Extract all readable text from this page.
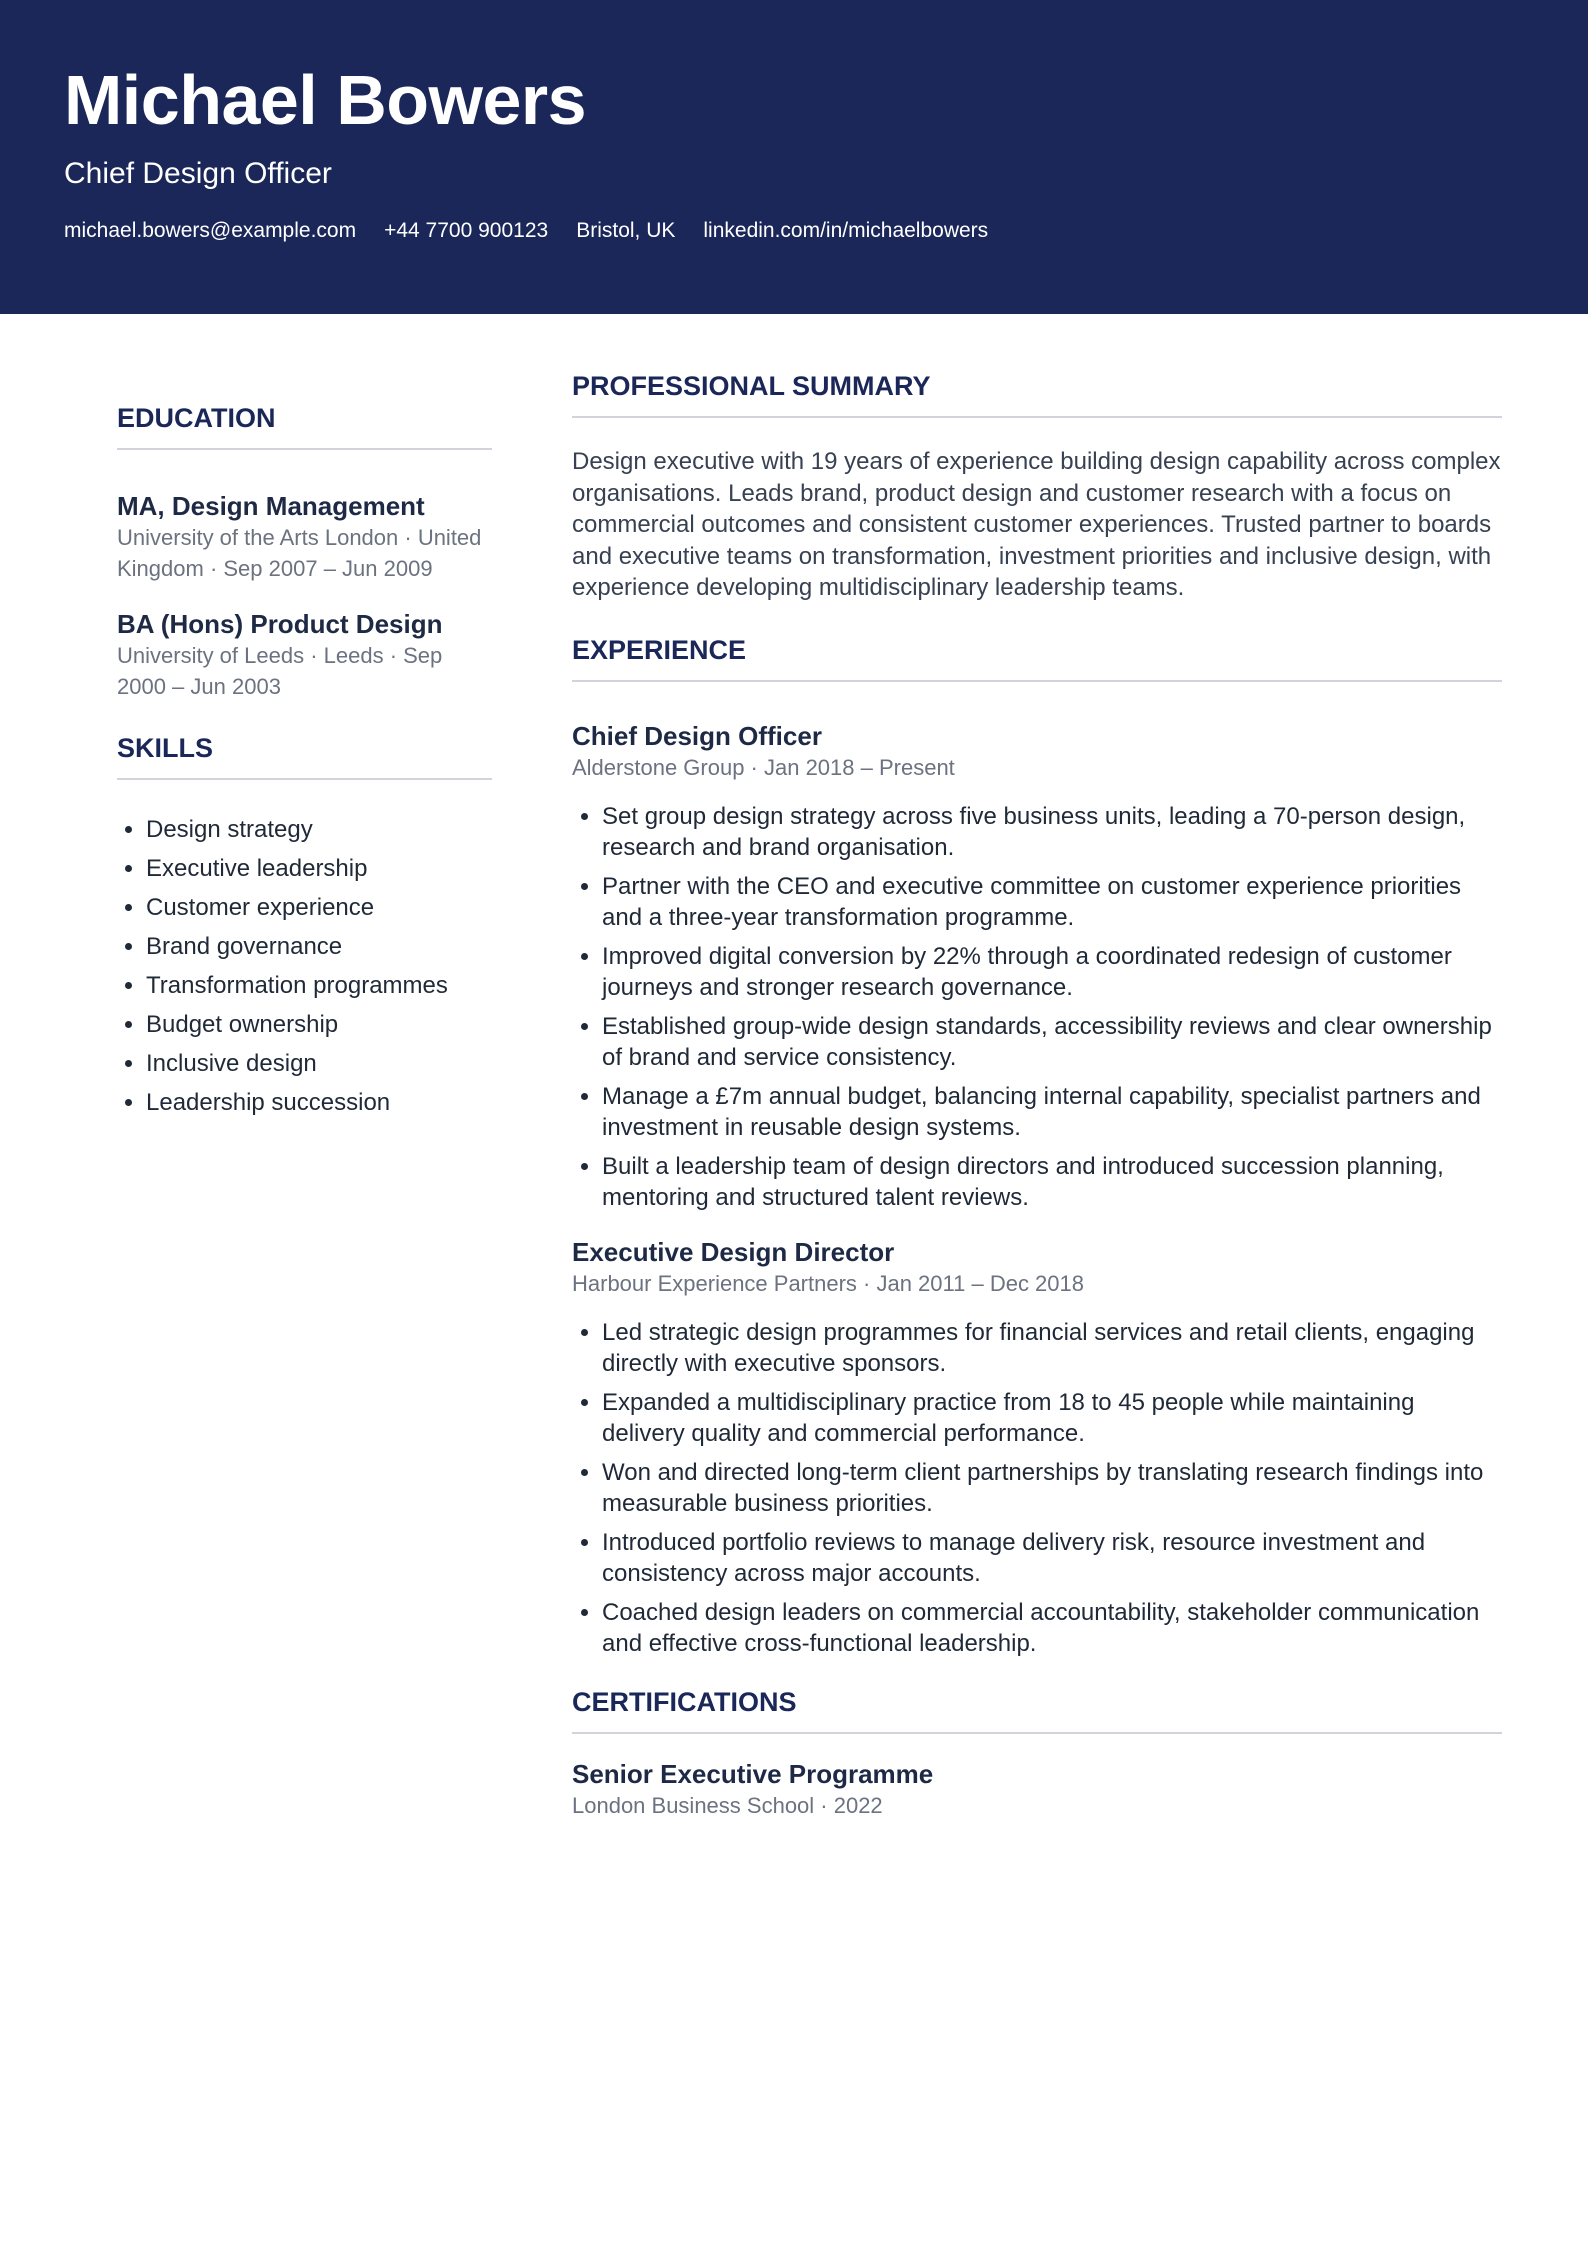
Michael Bowers
Chief Design Officer
michael.bowers@example.com +44 7700 900123 Bristol, UK linkedin.com/in/michaelbowers
EDUCATION
MA, Design Management
University of the Arts London · United Kingdom · Sep 2007 – Jun 2009
BA (Hons) Product Design
University of Leeds · Leeds · Sep 2000 – Jun 2003
SKILLS
• Design strategy
• Executive leadership
• Customer experience
• Brand governance
• Transformation programmes
• Budget ownership
• Inclusive design
• Leadership succession
PROFESSIONAL SUMMARY

Design executive with 19 years of experience building design capability across complex organisations. Leads brand, product design and customer research with a focus on commercial outcomes and consistent customer experiences. Trusted partner to boards and executive teams on transformation, investment priorities and inclusive design, with experience developing multidisciplinary leadership teams.

EXPERIENCE
Chief Design Officer
Alderstone Group · Jan 2018 – Present
• Set group design strategy across five business units, leading a 70-person design, research and brand organisation.
• Partner with the CEO and executive committee on customer experience priorities and a three-year transformation programme.
• Improved digital conversion by 22% through a coordinated redesign of customer journeys and stronger research governance.
• Established group-wide design standards, accessibility reviews and clear ownership of brand and service consistency.
• Manage a £7m annual budget, balancing internal capability, specialist partners and investment in reusable design systems.
• Built a leadership team of design directors and introduced succession planning, mentoring and structured talent reviews.
Executive Design Director
Harbour Experience Partners · Jan 2011 – Dec 2018
• Led strategic design programmes for financial services and retail clients, engaging directly with executive sponsors.
• Expanded a multidisciplinary practice from 18 to 45 people while maintaining delivery quality and commercial performance.
• Won and directed long-term client partnerships by translating research findings into measurable business priorities.
• Introduced portfolio reviews to manage delivery risk, resource investment and consistency across major accounts.
• Coached design leaders on commercial accountability, stakeholder communication and effective cross-functional leadership.
CERTIFICATIONS
Senior Executive Programme
London Business School · 2022
